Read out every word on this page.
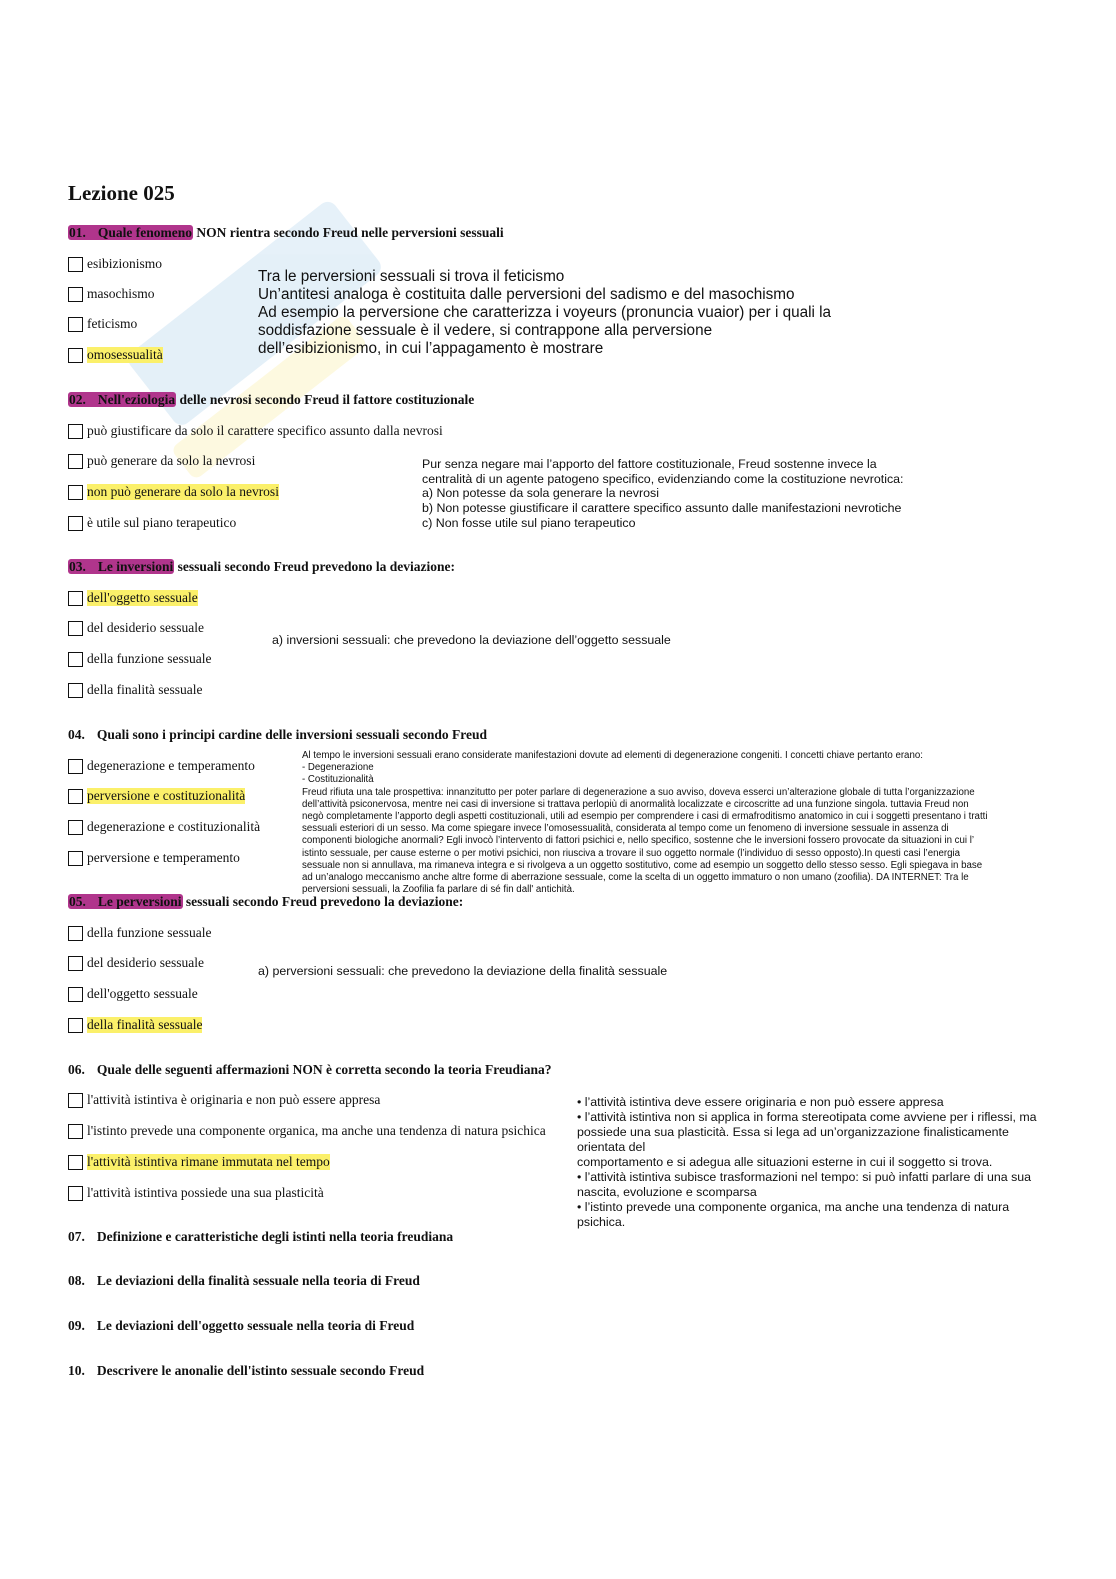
Lezione 025
01. Quale fenomeno NON rientra secondo Freud nelle perversioni sessuali
esibizionismo
masochismo
feticismo
omosessualità
Tra le perversioni sessuali si trova il feticismo
Un’antitesi analoga è costituita dalle perversioni del sadismo e del masochismo
Ad esempio la perversione che caratterizza i voyeurs (pronuncia vuaior) per i quali la
soddisfazione sessuale è il vedere, si contrappone alla perversione
dell’esibizionismo, in cui l’appagamento è mostrare
02. Nell'eziologia delle nevrosi secondo Freud il fattore costituzionale
può giustificare da solo il carattere specifico assunto dalla nevrosi
può generare da solo la nevrosi
non può generare da solo la nevrosi
è utile sul piano terapeutico
Pur senza negare mai l’apporto del fattore costituzionale, Freud sostenne invece la
centralità di un agente patogeno specifico, evidenziando come la costituzione nevrotica:
a) Non potesse da sola generare la nevrosi
b) Non potesse giustificare il carattere specifico assunto dalle manifestazioni nevrotiche
c) Non fosse utile sul piano terapeutico
03. Le inversioni sessuali secondo Freud prevedono la deviazione:
dell'oggetto sessuale
del desiderio sessuale
della funzione sessuale
della finalità sessuale
a) inversioni sessuali: che prevedono la deviazione dell’oggetto sessuale
04. Quali sono i principi cardine delle inversioni sessuali secondo Freud
degenerazione e temperamento
perversione e costituzionalità
degenerazione e costituzionalità
perversione e temperamento
Al tempo le inversioni sessuali erano considerate manifestazioni dovute ad elementi di degenerazione congeniti. I concetti chiave pertanto erano:
- Degenerazione
- Costituzionalità
Freud rifiuta una tale prospettiva: innanzitutto per poter parlare di degenerazione a suo avviso, doveva esserci un’alterazione globale di tutta l’organizzazione
dell’attività psiconervosa, mentre nei casi di inversione si trattava perlopiù di anormalità localizzate e circoscritte ad una funzione singola. tuttavia Freud non
negò completamente l’apporto degli aspetti costituzionali, utili ad esempio per comprendere i casi di ermafroditismo anatomico in cui i soggetti presentano i tratti
sessuali esteriori di un sesso. Ma come spiegare invece l’omosessualità, considerata al tempo come un fenomeno di inversione sessuale in assenza di
componenti biologiche anormali? Egli invocò l’intervento di fattori psichici e, nello specifico, sostenne che le inversioni fossero provocate da situazioni in cui l’
istinto sessuale, per cause esterne o per motivi psichici, non riusciva a trovare il suo oggetto normale (l’individuo di sesso opposto).In questi casi l’energia
sessuale non si annullava, ma rimaneva integra e si rivolgeva a un oggetto sostitutivo, come ad esempio un soggetto dello stesso sesso. Egli spiegava in base
ad un’analogo meccanismo anche altre forme di aberrazione sessuale, come la scelta di un oggetto immaturo o non umano (zoofilia). DA INTERNET: Tra le
perversioni sessuali, la Zoofilia fa parlare di sé fin dall' antichità.
05. Le perversioni sessuali secondo Freud prevedono la deviazione:
della funzione sessuale
del desiderio sessuale
dell'oggetto sessuale
della finalità sessuale
a) perversioni sessuali: che prevedono la deviazione della finalità sessuale
06. Quale delle seguenti affermazioni NON è corretta secondo la teoria Freudiana?
l'attività istintiva è originaria e non può essere appresa
l'istinto prevede una componente organica, ma anche una tendenza di natura psichica
l'attività istintiva rimane immutata nel tempo
l'attività istintiva possiede una sua plasticità
• l’attività istintiva deve essere originaria e non può essere appresa
• l’attività istintiva non si applica in forma stereotipata come avviene per i riflessi, ma
possiede una sua plasticità. Essa si lega ad un’organizzazione finalisticamente
orientata del
comportamento e si adegua alle situazioni esterne in cui il soggetto si trova.
• l’attività istintiva subisce trasformazioni nel tempo: si può infatti parlare di una sua
nascita, evoluzione e scomparsa
• l’istinto prevede una componente organica, ma anche una tendenza di natura
psichica.
07. Definizione e caratteristiche degli istinti nella teoria freudiana
08. Le deviazioni della finalità sessuale nella teoria di Freud
09. Le deviazioni dell'oggetto sessuale nella teoria di Freud
10. Descrivere le anonalie dell'istinto sessuale secondo Freud
